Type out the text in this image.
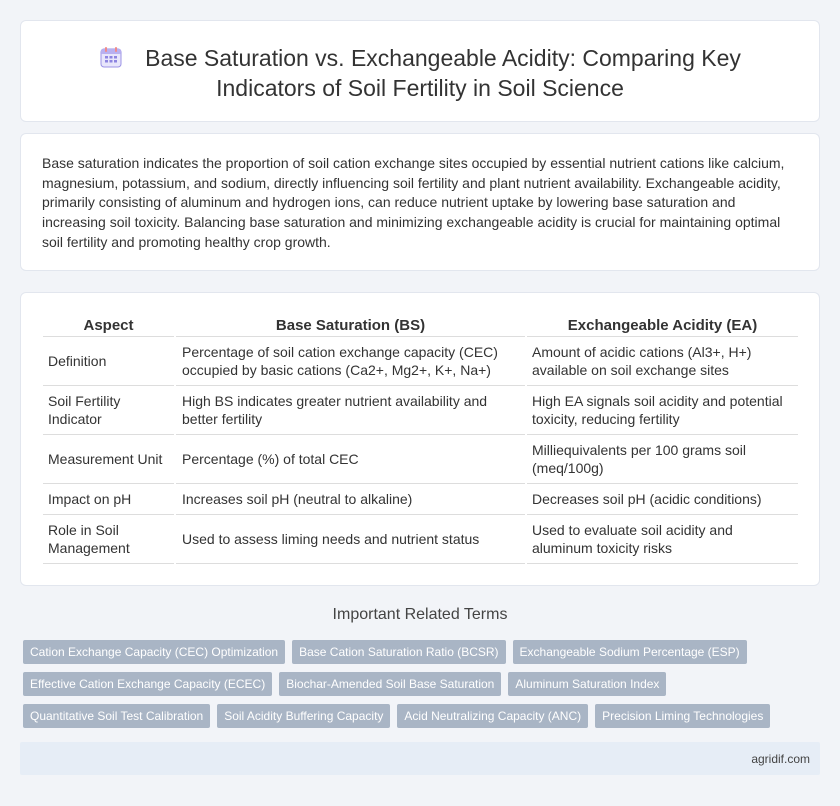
Base Saturation vs. Exchangeable Acidity: Comparing Key
Indicators of Soil Fertility in Soil Science

Base saturation indicates the proportion of soil cation exchange sites occupied by essential nutrient cations like calcium, magnesium, potassium, and sodium, directly influencing soil fertility and plant nutrient availability. Exchangeable acidity, primarily consisting of aluminum and hydrogen ions, can reduce nutrient uptake by lowering base saturation and increasing soil toxicity. Balancing base saturation and minimizing exchangeable acidity is crucial for maintaining optimal soil fertility and promoting healthy crop growth.

Aspect	Base Saturation (BS)	Exchangeable Acidity (EA)
Definition	Percentage of soil cation exchange capacity (CEC) occupied by basic cations (Ca2+, Mg2+, K+, Na+)	Amount of acidic cations (Al3+, H+) available on soil exchange sites
Soil Fertility Indicator	High BS indicates greater nutrient availability and better fertility	High EA signals soil acidity and potential toxicity, reducing fertility
Measurement Unit	Percentage (%) of total CEC	Milliequivalents per 100 grams soil (meq/100g)
Impact on pH	Increases soil pH (neutral to alkaline)	Decreases soil pH (acidic conditions)
Role in Soil Management	Used to assess liming needs and nutrient status	Used to evaluate soil acidity and aluminum toxicity risks
Important Related Terms
Cation Exchange Capacity (CEC) Optimization	Base Cation Saturation Ratio (BCSR)	Exchangeable Sodium Percentage (ESP)
Effective Cation Exchange Capacity (ECEC)	Biochar-Amended Soil Base Saturation	Aluminum Saturation Index
Quantitative Soil Test Calibration	Soil Acidity Buffering Capacity	Acid Neutralizing Capacity (ANC)	Precision Liming Technologies
agridif.com
